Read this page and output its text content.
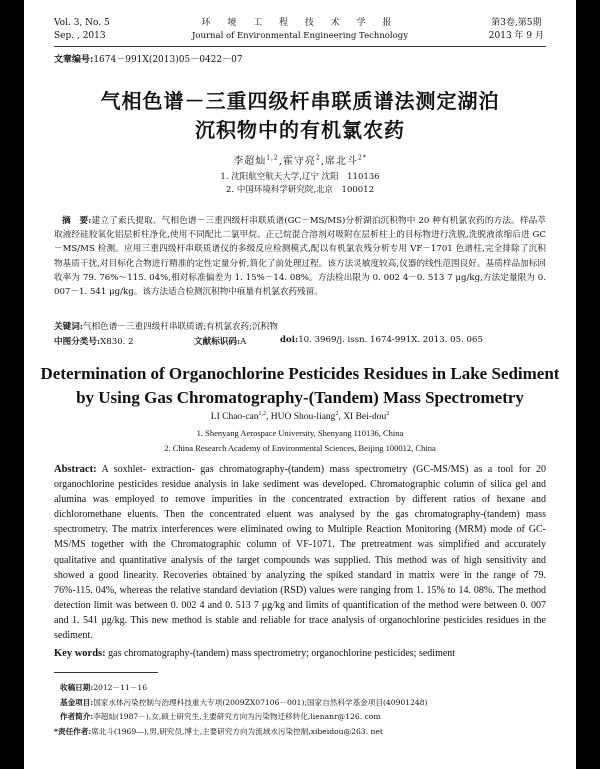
Vol. 3, No. 5
Sep. , 2013
环 境 工 程 技 术 学 报
Journal of Environmental Engineering Technology
第3卷,第5期
2013 年 9 月
文章编号:1674－991X(2013)05－0422－07
气相色谱－三重四级杆串联质谱法测定湖泊
沉积物中的有机氯农药
李超灿$^{1,2}$,霍守亮$^2$,席北斗$^{2*}$
1. 沈阳航空航天大学,辽宁 沈阳　110136
2. 中国环境科学研究院,北京　100012
摘　要:建立了索氏提取、气相色谱－三重四级杆串联质谱(GC－MS/MS)分析湖泊沉积物中 20 种有机氯农药的方法。样品萃取液经硅胶氧化铝层析柱净化,使用不同配比二氯甲烷、正己烷混合溶剂对吸附在层析柱上的目标物进行洗脱,洗脱液浓缩后进 GC－MS/MS 检测。应用三重四级杆串联质谱仪的多级反应检测模式,配以有机氯农残分析专用 VF－1701 色谱柱,完全排除了沉积物基质干扰,对目标化合物进行精准的定性定量分析,简化了前处理过程。该方法灵敏度较高,仪器的线性范围良好。基质样品加标回收率为 79. 76%～115. 04%,相对标准偏差为 1. 15%－14. 08%。方法检出限为 0. 002 4－0. 513 7 μg/kg,方法定量限为 0. 007－1. 541 μg/kg。该方法适合检测沉积物中痕量有机氯农药残留。
关键词:气相色谱－三重四级杆串联质谱;有机氯农药;沉积物
中图分类号:X830. 2	文献标识码:A	doi:10. 3969/j. issn. 1674-991X. 2013. 05. 065
Determination of Organochlorine Pesticides Residues in Lake Sediment
by Using Gas Chromatography-(Tandem) Mass Spectrometry
LI Chao-can$^{1,2}$, HUO Shou-liang$^2$, XI Bei-dou$^2$
1. Shenyang Aerospace University, Shenyang 110136, China
2. China Research Academy of Environmental Sciences, Beijing 100012, China
Abstract: A soxhlet- extraction- gas chromatography-(tandem) mass spectrometry (GC-MS/MS) as a tool for 20 organochlorine pesticides residue analysis in lake sediment was developed. Chromatographic column of silica gel and alumina was employed to remove impurities in the concentrated extraction by different ratios of hexane and dichloromethane eluents. Then the concentrated eluent was analysed by the gas chromatography-(tandem) mass spectrometry. The matrix interferences were eliminated owing to Multiple Reaction Monitoring (MRM) mode of GC-MS/MS together with the Chromatographic column of VF-1071. The pretreatment was simplified and accurately qualitative and quantitative analysis of the target compounds was supplied. This method was of high sensitivity and showed a good linearity. Recoveries obtained by analyzing the spiked standard in matrix were in the range of 79. 76%-115. 04%, whereas the relative standard deviation (RSD) values were ranging from 1. 15% to 14. 08%. The method detection limit was between 0. 002 4 and 0. 513 7 μg/kg and limits of quantification of the method were between 0. 007 and 1. 541 μg/kg. This new method is stable and reliable for trace analysis of organochlorine pesticides residues in the sediment.
Key words: gas chromatography-(tandem) mass spectrometry; organochlorine pesticides; sediment
收稿日期:2012－11－16
基金项目:国家水体污染控制与治理科技重大专项(2009ZX07106－001);国家自然科学基金项目(40901248)
作者简介:李超灿(1987－),女,硕士研究生,主要研究方向为污染物迁移转化,lienanr@126. com
*责任作者:席北斗(1969—),男,研究员,博士,主要研究方向为流域水污染控制,xibeidou@263. net
